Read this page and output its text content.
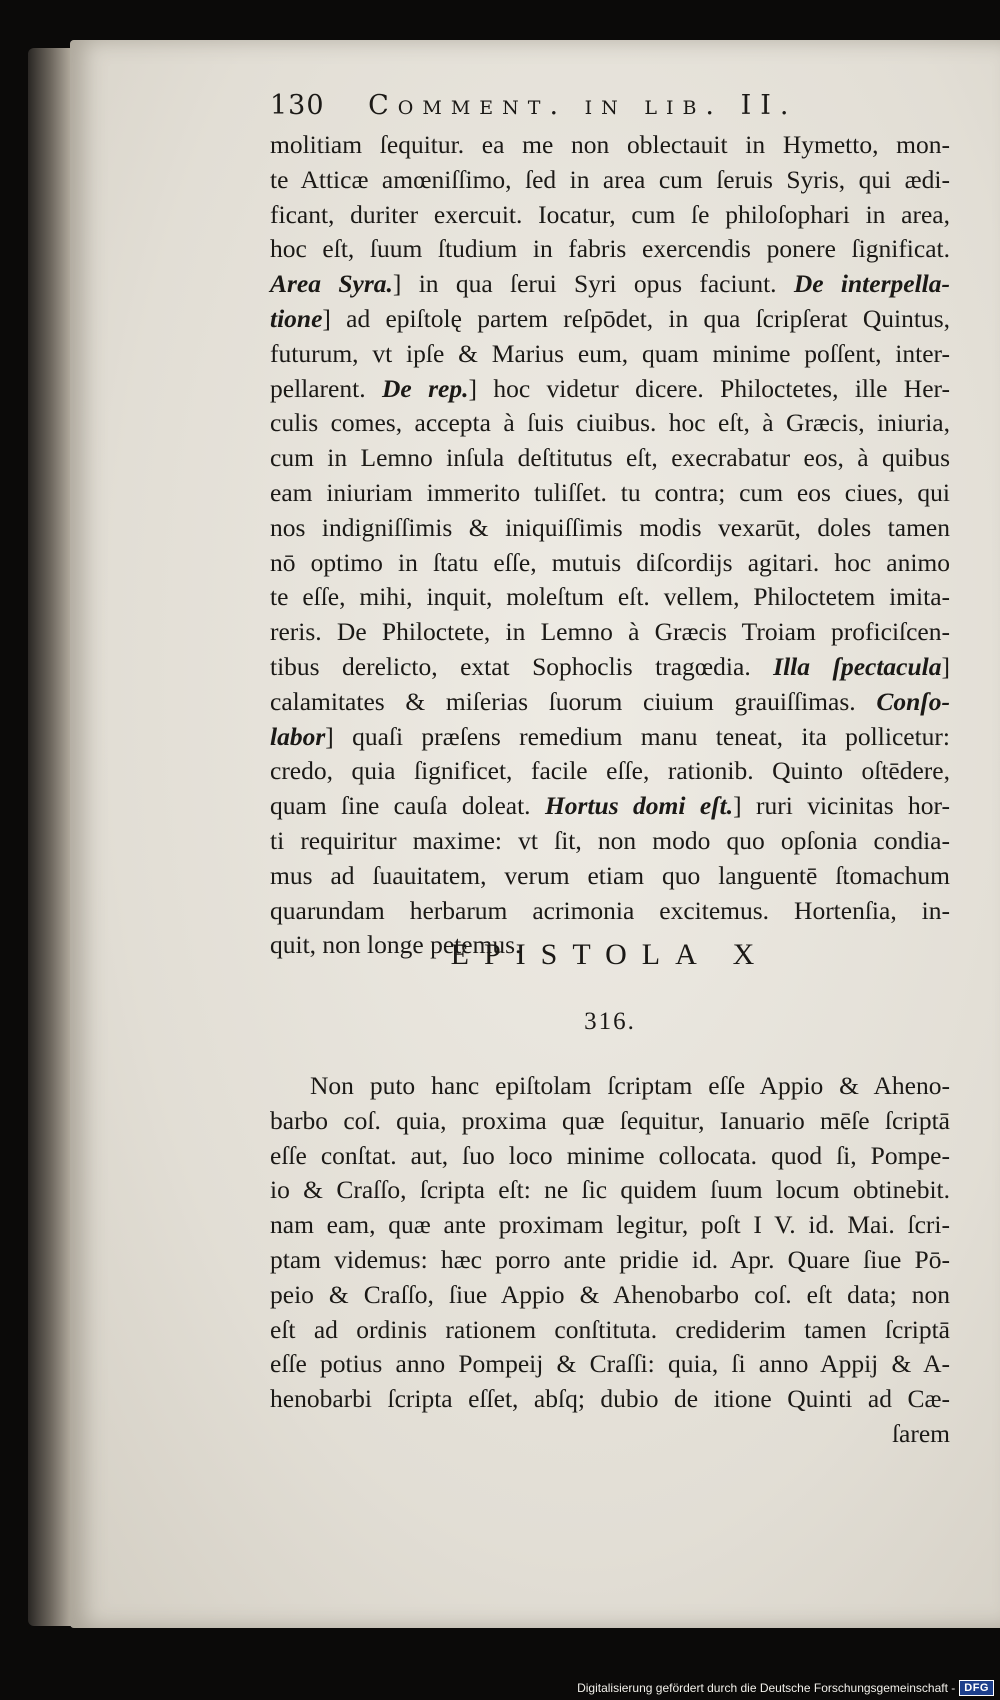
130 Comment. in lib. II.
molitiam ſequitur. ea me non oblectauit in Hymetto, mon-
te Atticæ amœniſſimo, ſed in area cum ſeruis Syris, qui ædi-
ficant, duriter exercuit. Iocatur, cum ſe philoſophari in area,
hoc eſt, ſuum ſtudium in fabris exercendis ponere ſignificat.
Area Syra.] in qua ſerui Syri opus faciunt. De interpella-
tione] ad epiſtolę partem reſpōdet, in qua ſcripſerat Quintus,
futurum, vt ipſe & Marius eum, quam minime poſſent, inter-
pellarent. De rep.] hoc videtur dicere. Philoctetes, ille Her-
culis comes, accepta à ſuis ciuibus. hoc eſt, à Græcis, iniuria,
cum in Lemno inſula deſtitutus eſt, execrabatur eos, à quibus
eam iniuriam immerito tuliſſet. tu contra; cum eos ciues, qui
nos indigniſſimis & iniquiſſimis modis vexarūt, doles tamen
nō optimo in ſtatu eſſe, mutuis diſcordijs agitari. hoc animo
te eſſe, mihi, inquit, moleſtum eſt. vellem, Philoctetem imita-
reris. De Philoctete, in Lemno à Græcis Troiam proficiſcen-
tibus derelicto, extat Sophoclis tragœdia. Illa ſpectacula]
calamitates & miſerias ſuorum ciuium grauiſſimas. Conſo-
labor] quaſi præſens remedium manu teneat, ita pollicetur:
credo, quia ſignificet, facile eſſe, rationib. Quinto oſtēdere,
quam ſine cauſa doleat. Hortus domi eſt.] ruri vicinitas hor-
ti requiritur maxime: vt ſit, non modo quo opſonia condia-
mus ad ſuauitatem, verum etiam quo languentē ſtomachum
quarundam herbarum acrimonia excitemus. Hortenſia, in-
quit, non longe petemus.
EPISTOLA X
316.
Non puto hanc epiſtolam ſcriptam eſſe Appio & Aheno-
barbo coſ. quia, proxima quæ ſequitur, Ianuario mēſe ſcriptā
eſſe conſtat. aut, ſuo loco minime collocata. quod ſi, Pompe-
io & Craſſo, ſcripta eſt: ne ſic quidem ſuum locum obtinebit.
nam eam, quæ ante proximam legitur, poſt I V. id. Mai. ſcri-
ptam videmus: hæc porro ante pridie id. Apr. Quare ſiue Pō-
peio & Craſſo, ſiue Appio & Ahenobarbo coſ. eſt data; non
eſt ad ordinis rationem conſtituta. crediderim tamen ſcriptā
eſſe potius anno Pompeij & Craſſi: quia, ſi anno Appij & A-
henobarbi ſcripta eſſet, abſq; dubio de itione Quinti ad Cæ-
ſarem
Digitalisierung gefördert durch die Deutsche Forschungsgemeinschaft - DFG
